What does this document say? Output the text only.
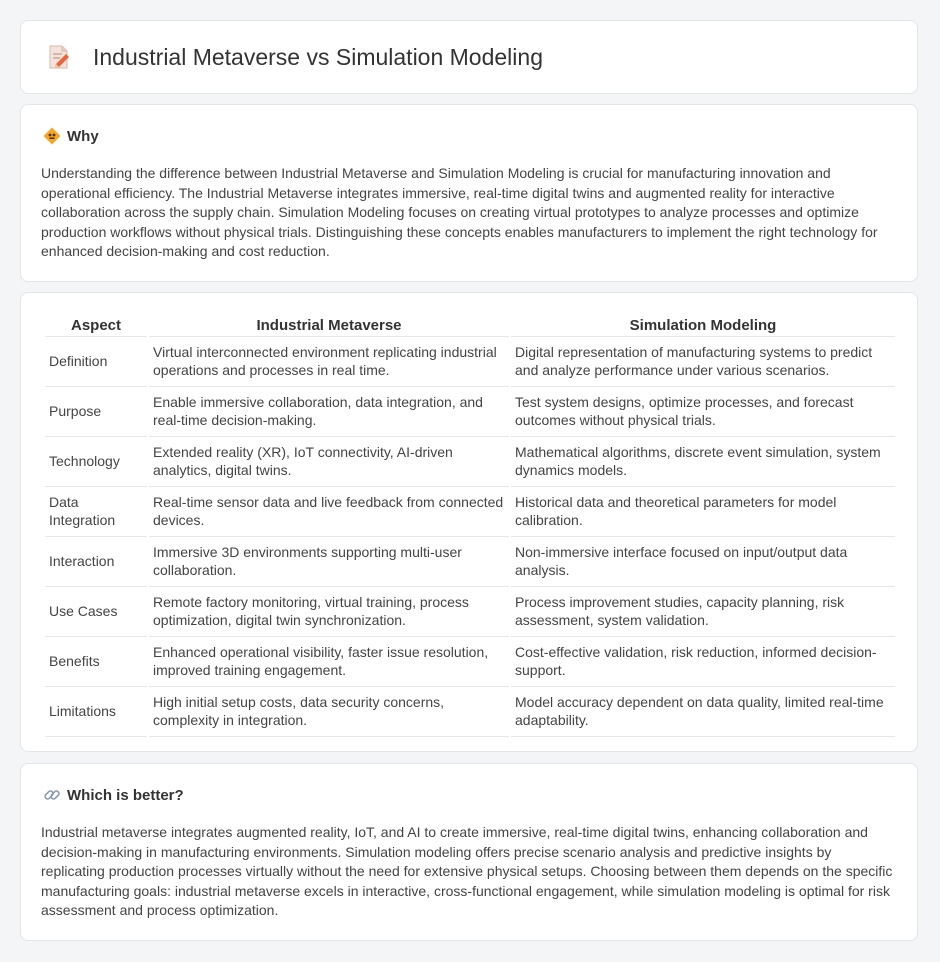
Industrial Metaverse vs Simulation Modeling
Why

Understanding the difference between Industrial Metaverse and Simulation Modeling is crucial for manufacturing innovation and operational efficiency. The Industrial Metaverse integrates immersive, real-time digital twins and augmented reality for interactive collaboration across the supply chain. Simulation Modeling focuses on creating virtual prototypes to analyze processes and optimize production workflows without physical trials. Distinguishing these concepts enables manufacturers to implement the right technology for enhanced decision-making and cost reduction.

Aspect	Industrial Metaverse	Simulation Modeling
Definition	Virtual interconnected environment replicating industrial operations and processes in real time.	Digital representation of manufacturing systems to predict and analyze performance under various scenarios.
Purpose	Enable immersive collaboration, data integration, and real-time decision-making.	Test system designs, optimize processes, and forecast outcomes without physical trials.
Technology	Extended reality (XR), IoT connectivity, AI-driven analytics, digital twins.	Mathematical algorithms, discrete event simulation, system dynamics models.
Data Integration	Real-time sensor data and live feedback from connected devices.	Historical data and theoretical parameters for model calibration.
Interaction	Immersive 3D environments supporting multi-user collaboration.	Non-immersive interface focused on input/output data analysis.
Use Cases	Remote factory monitoring, virtual training, process optimization, digital twin synchronization.	Process improvement studies, capacity planning, risk assessment, system validation.
Benefits	Enhanced operational visibility, faster issue resolution, improved training engagement.	Cost-effective validation, risk reduction, informed decision-support.
Limitations	High initial setup costs, data security concerns, complexity in integration.	Model accuracy dependent on data quality, limited real-time adaptability.
Which is better?

Industrial metaverse integrates augmented reality, IoT, and AI to create immersive, real-time digital twins, enhancing collaboration and decision-making in manufacturing environments. Simulation modeling offers precise scenario analysis and predictive insights by replicating production processes virtually without the need for extensive physical setups. Choosing between them depends on the specific manufacturing goals: industrial metaverse excels in interactive, cross-functional engagement, while simulation modeling is optimal for risk assessment and process optimization.
